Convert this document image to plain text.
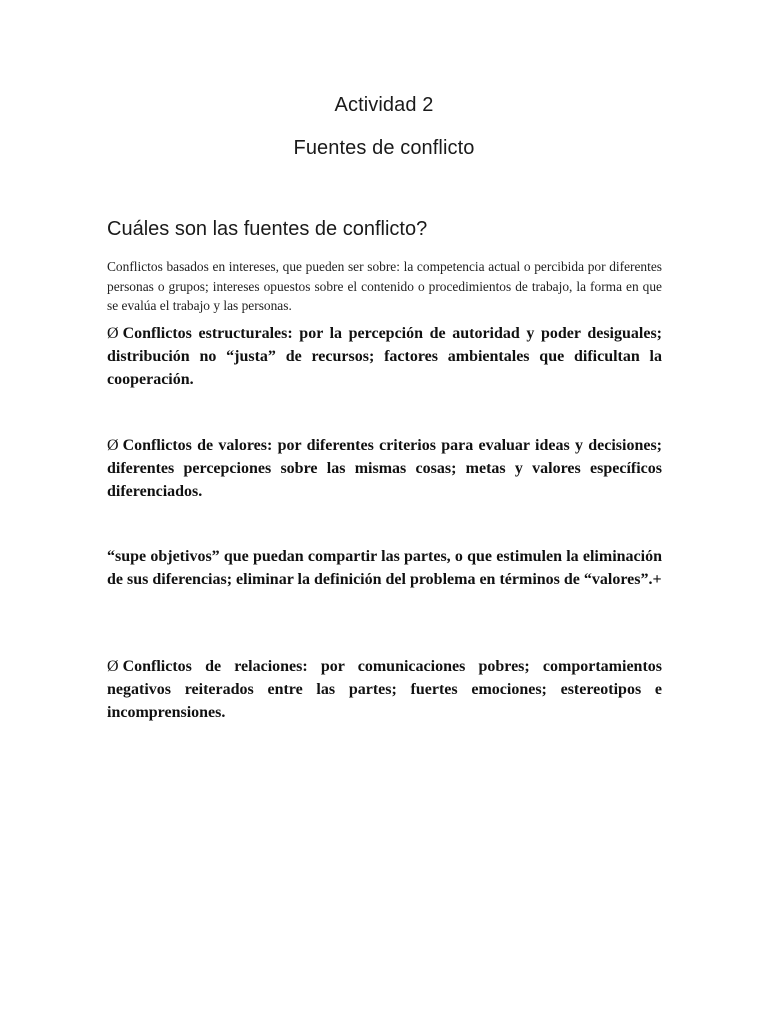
Actividad 2
Fuentes de conflicto
Cuáles son las fuentes de conflicto?

Conflictos basados en intereses, que pueden ser sobre: la competencia actual o percibida por diferentes personas o grupos; intereses opuestos sobre el contenido o procedimientos de trabajo, la forma en que se evalúa el trabajo y las personas.

Ø Conflictos estructurales: por la percepción de autoridad y poder desiguales; distribución no “justa” de recursos; factores ambientales que dificultan la cooperación.

Ø Conflictos de valores: por diferentes criterios para evaluar ideas y decisiones; diferentes percepciones sobre las mismas cosas; metas y valores específicos diferenciados.

“supe objetivos” que puedan compartir las partes, o que estimulen la eliminación de sus diferencias; eliminar la definición del problema en términos de “valores”.+

Ø Conflictos de relaciones: por comunicaciones pobres; comportamientos negativos reiterados entre las partes; fuertes emociones; estereotipos e incomprensiones.
